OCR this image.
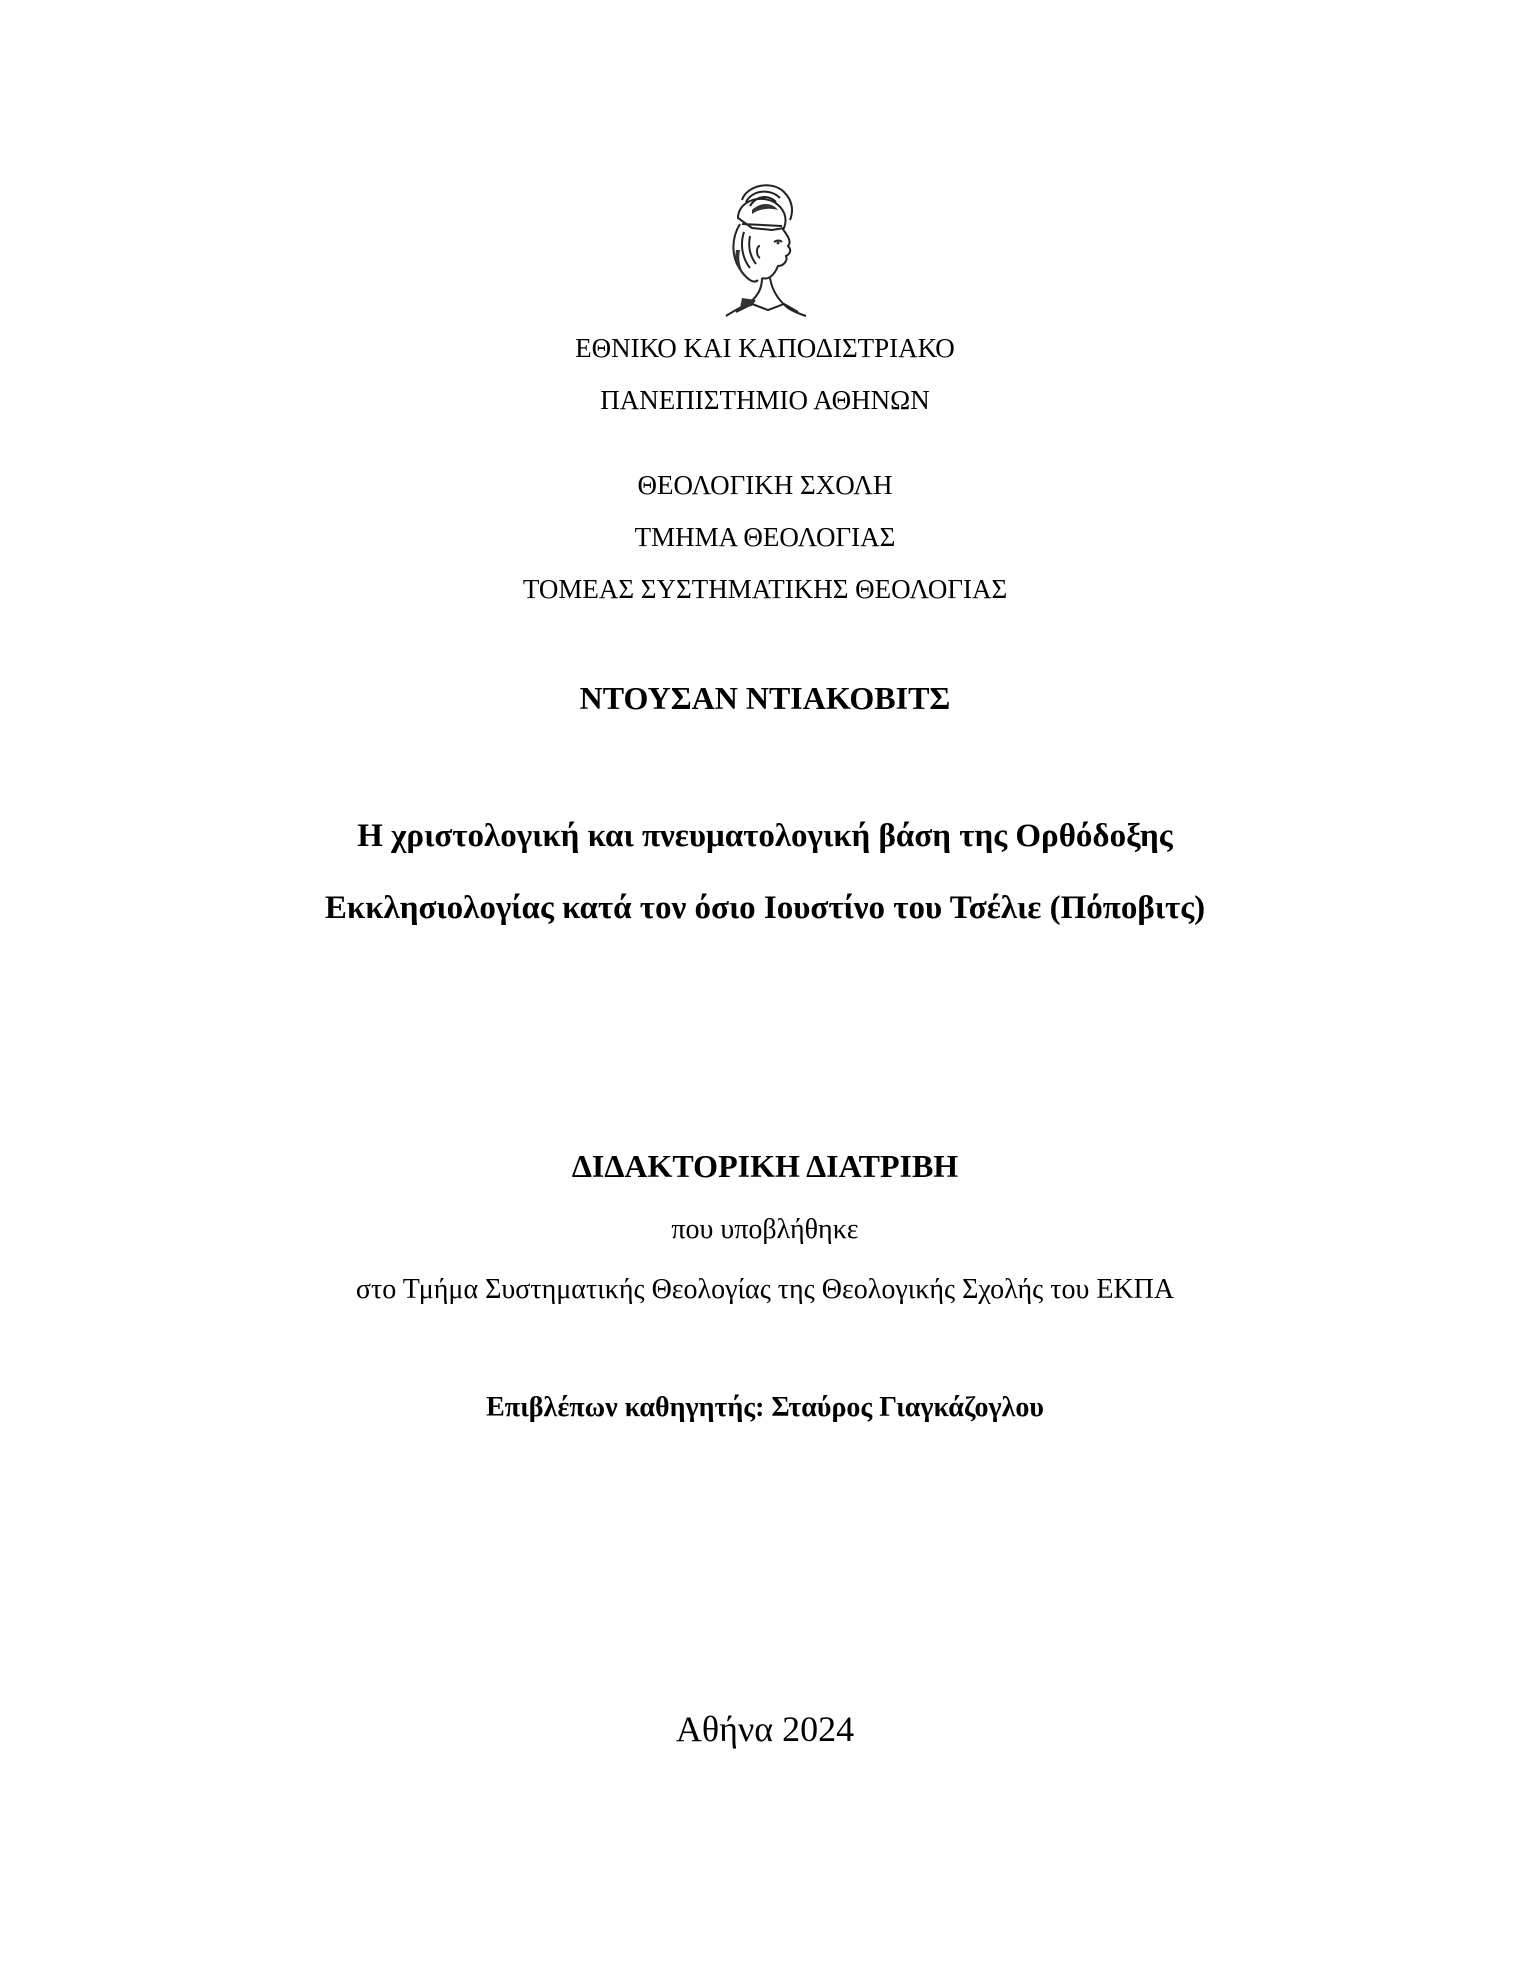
ΕΘΝΙΚΟ ΚΑΙ ΚΑΠΟΔΙΣΤΡΙΑΚΟ
ΠΑΝΕΠΙΣΤΗΜΙΟ ΑΘΗΝΩΝ
ΘΕΟΛΟΓΙΚΗ ΣΧΟΛΗ
ΤΜΗΜΑ ΘΕΟΛΟΓΙΑΣ
ΤΟΜΕΑΣ ΣΥΣΤΗΜΑΤΙΚΗΣ ΘΕΟΛΟΓΙΑΣ
ΝΤΟΥΣΑΝ ΝΤΙΑΚΟΒΙΤΣ
Η χριστολογική και πνευματολογική βάση της Ορθόδοξης
Εκκλησιολογίας κατά τον όσιο Ιουστίνο του Τσέλιε (Πόποβιτς)
ΔΙΔΑΚΤΟΡΙΚΗ ΔΙΑΤΡΙΒΗ
που υποβλήθηκε
στο Τμήμα Συστηματικής Θεολογίας της Θεολογικής Σχολής του ΕΚΠΑ
Επιβλέπων καθηγητής: Σταύρος Γιαγκάζογλου
Αθήνα 2024
